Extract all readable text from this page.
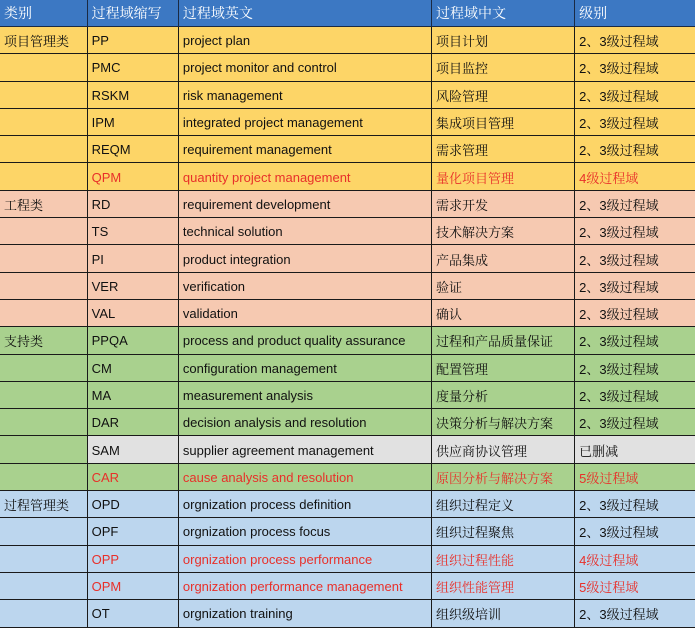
类别	过程域缩写	过程域英文	过程域中文	级别
项目管理类	PP	project plan	项目计划	2、3级过程域
	PMC	project monitor and control	项目监控	2、3级过程域
	RSKM	risk management	风险管理	2、3级过程域
	IPM	integrated project management	集成项目管理	2、3级过程域
	REQM	requirement management	需求管理	2、3级过程域
	QPM	quantity project management	量化项目管理	4级过程域
工程类	RD	requirement development	需求开发	2、3级过程域
	TS	technical solution	技术解决方案	2、3级过程域
	PI	product integration	产品集成	2、3级过程域
	VER	verification	验证	2、3级过程域
	VAL	validation	确认	2、3级过程域
支持类	PPQA	process and product quality assurance	过程和产品质量保证	2、3级过程域
	CM	configuration management	配置管理	2、3级过程域
	MA	measurement analysis	度量分析	2、3级过程域
	DAR	decision analysis and resolution	决策分析与解决方案	2、3级过程域
	SAM	supplier agreement management	供应商协议管理	已删减
	CAR	cause analysis and resolution	原因分析与解决方案	5级过程域
过程管理类	OPD	orgnization process definition	组织过程定义	2、3级过程域
	OPF	orgnization process focus	组织过程聚焦	2、3级过程域
	OPP	orgnization process performance	组织过程性能	4级过程域
	OPM	orgnization performance management	组织性能管理	5级过程域
	OT	orgnization training	组织级培训	2、3级过程域
